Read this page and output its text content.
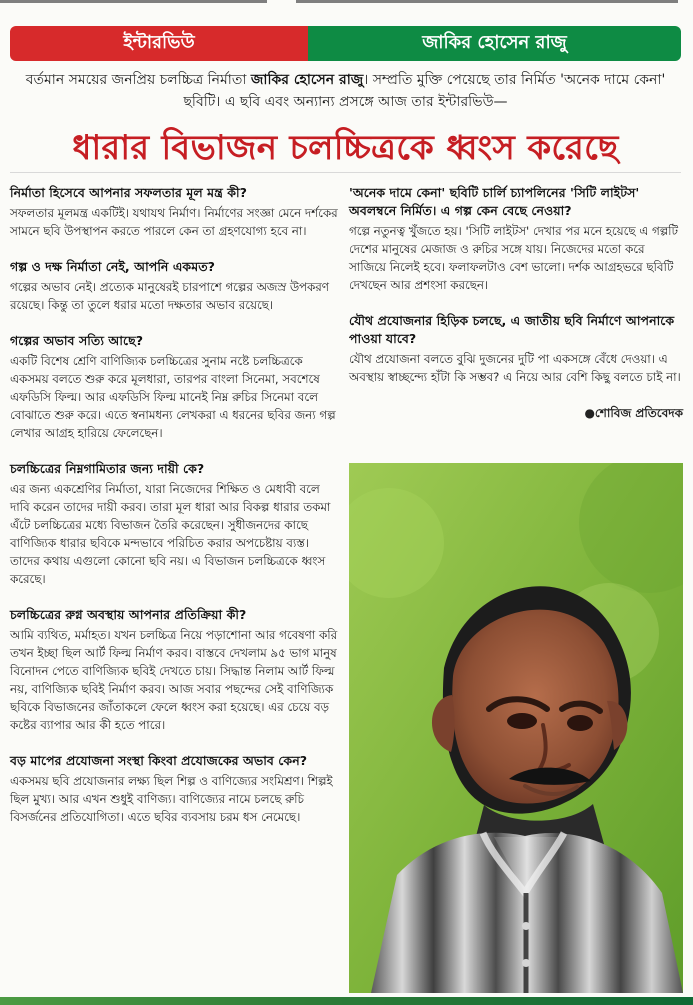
ইন্টারভিউ	জাকির হোসেন রাজু
বর্তমান সময়ের জনপ্রিয় চলচ্চিত্র নির্মাতা জাকির হোসেন রাজু। সম্প্রতি মুক্তি পেয়েছে তার নির্মিত 'অনেক দামে কেনা' ছবিটি। এ ছবি এবং অন্যান্য প্রসঙ্গে আজ তার ইন্টারভিউ—
ধারার বিভাজন চলচ্চিত্রকে ধ্বংস করেছে

নির্মাতা হিসেবে আপনার সফলতার মূল মন্ত্র কী?

সফলতার মূলমন্ত্র একটিই। যথাযথ নির্মাণ। নির্মাণের সংজ্ঞা মেনে দর্শকের সামনে ছবি উপস্থাপন করতে পারলে কেন তা গ্রহণযোগ্য হবে না।

গল্প ও দক্ষ নির্মাতা নেই, আপনি একমত?

গল্পের অভাব নেই। প্রত্যেক মানুষেরই চারপাশে গল্পের অজস্র উপকরণ রয়েছে। কিন্তু তা তুলে ধরার মতো দক্ষতার অভাব রয়েছে।

গল্পের অভাব সত্যি আছে?

একটি বিশেষ শ্রেণি বাণিজ্যিক চলচ্চিত্রের সুনাম নষ্টে চলচ্চিত্রকে একসময় বলতে শুরু করে মূলধারা, তারপর বাংলা সিনেমা, সবশেষে এফডিসি ফিল্ম। আর এফডিসি ফিল্ম মানেই নিম্ন রুচির সিনেমা বলে বোঝাতে শুরু করে। এতে স্বনামধন্য লেখকরা এ ধরনের ছবির জন্য গল্প লেখার আগ্রহ হারিয়ে ফেলেছেন।

চলচ্চিত্রের নিম্নগামিতার জন্য দায়ী কে?

এর জন্য একশ্রেণির নির্মাতা, যারা নিজেদের শিক্ষিত ও মেধাবী বলে দাবি করেন তাদের দায়ী করব। তারা মূল ধারা আর বিকল্প ধারার তকমা এঁটে চলচ্চিত্রের মধ্যে বিভাজন তৈরি করেছেন। সুধীজনদের কাছে বাণিজ্যিক ধারার ছবিকে মন্দভাবে পরিচিত করার অপচেষ্টায় ব্যস্ত। তাদের কথায় এগুলো কোনো ছবি নয়। এ বিভাজন চলচ্চিত্রকে ধ্বংস করেছে।

চলচ্চিত্রের রুগ্ন অবস্থায় আপনার প্রতিক্রিয়া কী?

আমি ব্যথিত, মর্মাহত। যখন চলচ্চিত্র নিয়ে পড়াশোনা আর গবেষণা করি তখন ইচ্ছা ছিল আর্ট ফিল্ম নির্মাণ করব। বাস্তবে দেখলাম ৯৫ ভাগ মানুষ বিনোদন পেতে বাণিজ্যিক ছবিই দেখতে চায়। সিদ্ধান্ত নিলাম আর্ট ফিল্ম নয়, বাণিজ্যিক ছবিই নির্মাণ করব। আজ সবার পছন্দের সেই বাণিজ্যিক ছবিকে বিভাজনের জাঁতাকলে ফেলে ধ্বংস করা হয়েছে। এর চেয়ে বড় কষ্টের ব্যাপার আর কী হতে পারে।

বড় মাপের প্রযোজনা সংস্থা কিংবা প্রযোজকের অভাব কেন?

একসময় ছবি প্রযোজনার লক্ষ্য ছিল শিল্প ও বাণিজ্যের সংমিশ্রণ। শিল্পই ছিল মুখ্য। আর এখন শুধুই বাণিজ্য। বাণিজ্যের নামে চলছে রুচি বিসর্জনের প্রতিযোগিতা। এতে ছবির ব্যবসায় চরম ধস নেমেছে।

'অনেক দামে কেনা' ছবিটি চার্লি চ্যাপলিনের 'সিটি লাইটস' অবলম্বনে নির্মিত। এ গল্প কেন বেছে নেওয়া?

গল্পে নতুনত্ব খুঁজতে হয়। 'সিটি লাইটস' দেখার পর মনে হয়েছে এ গল্পটি দেশের মানুষের মেজাজ ও রুচির সঙ্গে যায়। নিজেদের মতো করে সাজিয়ে নিলেই হবে। ফলাফলটাও বেশ ভালো। দর্শক আগ্রহভরে ছবিটি দেখছেন আর প্রশংসা করছেন।

যৌথ প্রযোজনার হিড়িক চলছে, এ জাতীয় ছবি নির্মাণে আপনাকে পাওয়া যাবে?

যৌথ প্রযোজনা বলতে বুঝি দুজনের দুটি পা একসঙ্গে বেঁধে দেওয়া। এ অবস্থায় স্বাচ্ছন্দ্যে হাঁটা কি সম্ভব? এ নিয়ে আর বেশি কিছু বলতে চাই না।

●শোবিজ প্রতিবেদক
